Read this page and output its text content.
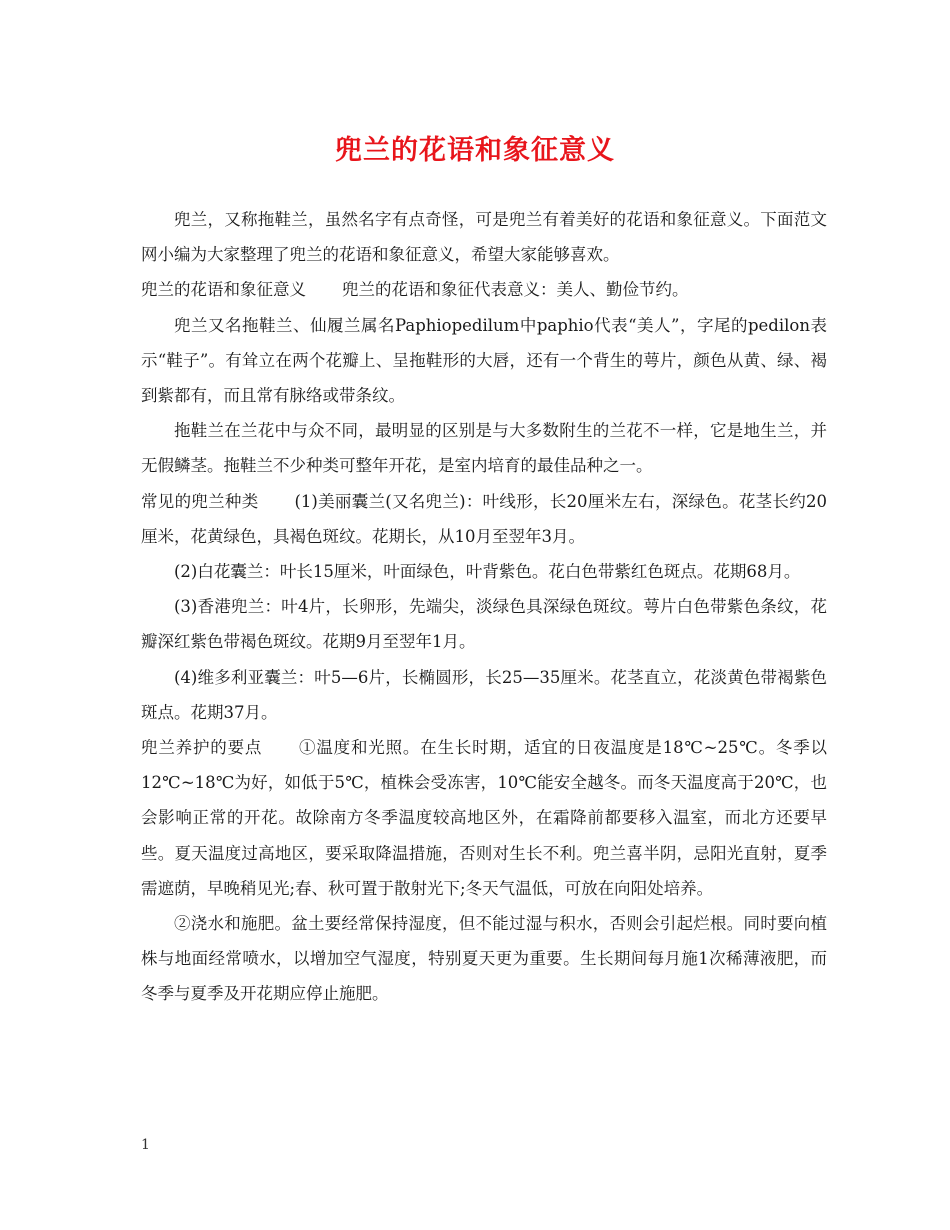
兜兰的花语和象征意义

兜兰，又称拖鞋兰，虽然名字有点奇怪，可是兜兰有着美好的花语和象征意义。下面范文网小编为大家整理了兜兰的花语和象征意义，希望大家能够喜欢。

兜兰的花语和象征意义 兜兰的花语和象征代表意义：美人、勤俭节约。

兜兰又名拖鞋兰、仙履兰属名Paphiopedilum中paphio代表“美人”，字尾的pedilon表示“鞋子”。有耸立在两个花瓣上、呈拖鞋形的大唇，还有一个背生的萼片，颜色从黄、绿、褐到紫都有，而且常有脉络或带条纹。

拖鞋兰在兰花中与众不同，最明显的区别是与大多数附生的兰花不一样，它是地生兰，并无假鳞茎。拖鞋兰不少种类可整年开花，是室内培育的最佳品种之一。

常见的兜兰种类 (1)美丽囊兰(又名兜兰)：叶线形，长20厘米左右，深绿色。花茎长约20厘米，花黄绿色，具褐色斑纹。花期长，从10月至翌年3月。

(2)白花囊兰：叶长15厘米，叶面绿色，叶背紫色。花白色带紫红色斑点。花期68月。

(3)香港兜兰：叶4片，长卵形，先端尖，淡绿色具深绿色斑纹。萼片白色带紫色条纹，花瓣深红紫色带褐色斑纹。花期9月至翌年1月。

(4)维多利亚囊兰：叶5—6片，长椭圆形，长25—35厘米。花茎直立，花淡黄色带褐紫色斑点。花期37月。

兜兰养护的要点 ①温度和光照。在生长时期，适宜的日夜温度是18℃~25℃。冬季以12℃~18℃为好，如低于5℃，植株会受冻害，10℃能安全越冬。而冬天温度高于20℃，也会影响正常的开花。故除南方冬季温度较高地区外，在霜降前都要移入温室，而北方还要早些。夏天温度过高地区，要采取降温措施，否则对生长不利。兜兰喜半阴，忌阳光直射，夏季需遮荫，早晚稍见光;春、秋可置于散射光下;冬天气温低，可放在向阳处培养。

②浇水和施肥。盆土要经常保持湿度，但不能过湿与积水，否则会引起烂根。同时要向植株与地面经常喷水，以增加空气湿度，特别夏天更为重要。生长期间每月施1次稀薄液肥，而冬季与夏季及开花期应停止施肥。

1
